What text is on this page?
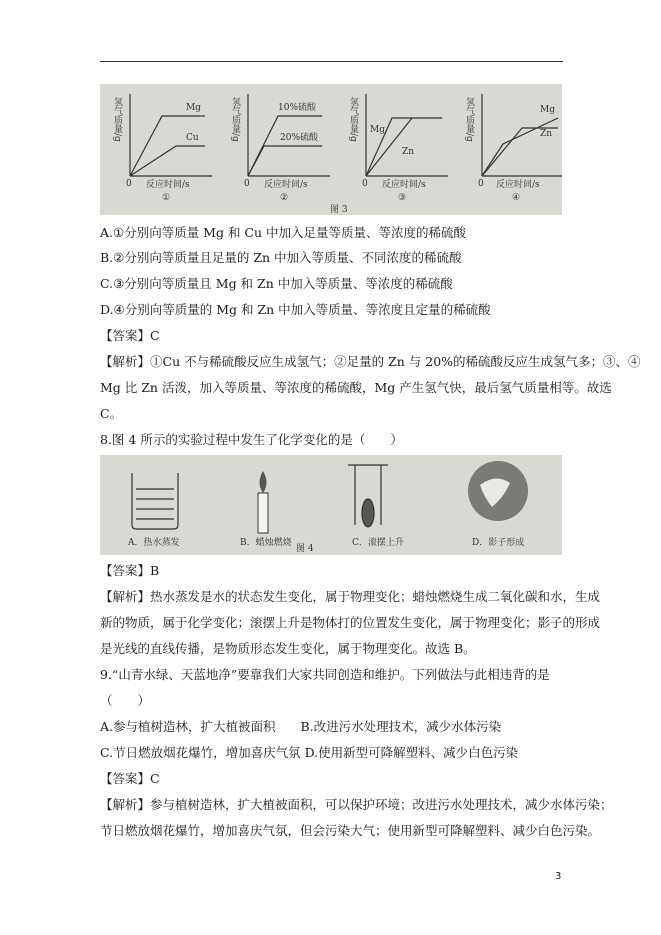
氢气质量/g	Mg
Cu
0 反应时间/s
①
氢气质量/g	10%硫酸
20%硫酸
0 反应时间/s
②
氢气质量/g Mg
Zn
0 反应时间/s
③
氢气质量/g	Mg
Zn
0 反应时间/s
④
图 3
A.①分别向等质量 Mg 和 Cu 中加入足量等质量、等浓度的稀硫酸
B.②分别向等质量且足量的 Zn 中加入等质量、不同浓度的稀硫酸
C.③分别向等质量且 Mg 和 Zn 中加入等质量、等浓度的稀硫酸
D.④分别向等质量的 Mg 和 Zn 中加入等质量、等浓度且定量的稀硫酸
【答案】C
【解析】①Cu 不与稀硫酸反应生成氢气；②足量的 Zn 与 20%的稀硫酸反应生成氢气多；③、④
Mg 比 Zn 活泼，加入等质量、等浓度的稀硫酸，Mg 产生氢气快，最后氢气质量相等。故选
C。
8.图 4 所示的实验过程中发生了化学变化的是（　　）
A．热水蒸发	B．蜡烛燃烧	C．滚摆上升	D．影子形成
图 4
【答案】B
【解析】热水蒸发是水的状态发生变化，属于物理变化；蜡烛燃烧生成二氧化碳和水，生成
新的物质，属于化学变化；滚摆上升是物体打的位置发生变化，属于物理变化；影子的形成
是光线的直线传播，是物质形态发生变化，属于物理变化。故选 B。
9.“山青水绿、天蓝地净”要靠我们大家共同创造和维护。下列做法与此相违背的是
（　　）
A.参与植树造林，扩大植被面积　　B.改进污水处理技术，减少水体污染
C.节日燃放烟花爆竹，增加喜庆气氛 D.使用新型可降解塑料、减少白色污染
【答案】C
【解析】参与植树造林，扩大植被面积，可以保护环境；改进污水处理技术，减少水体污染；
节日燃放烟花爆竹，增加喜庆气氛，但会污染大气；使用新型可降解塑料、减少白色污染。
3
